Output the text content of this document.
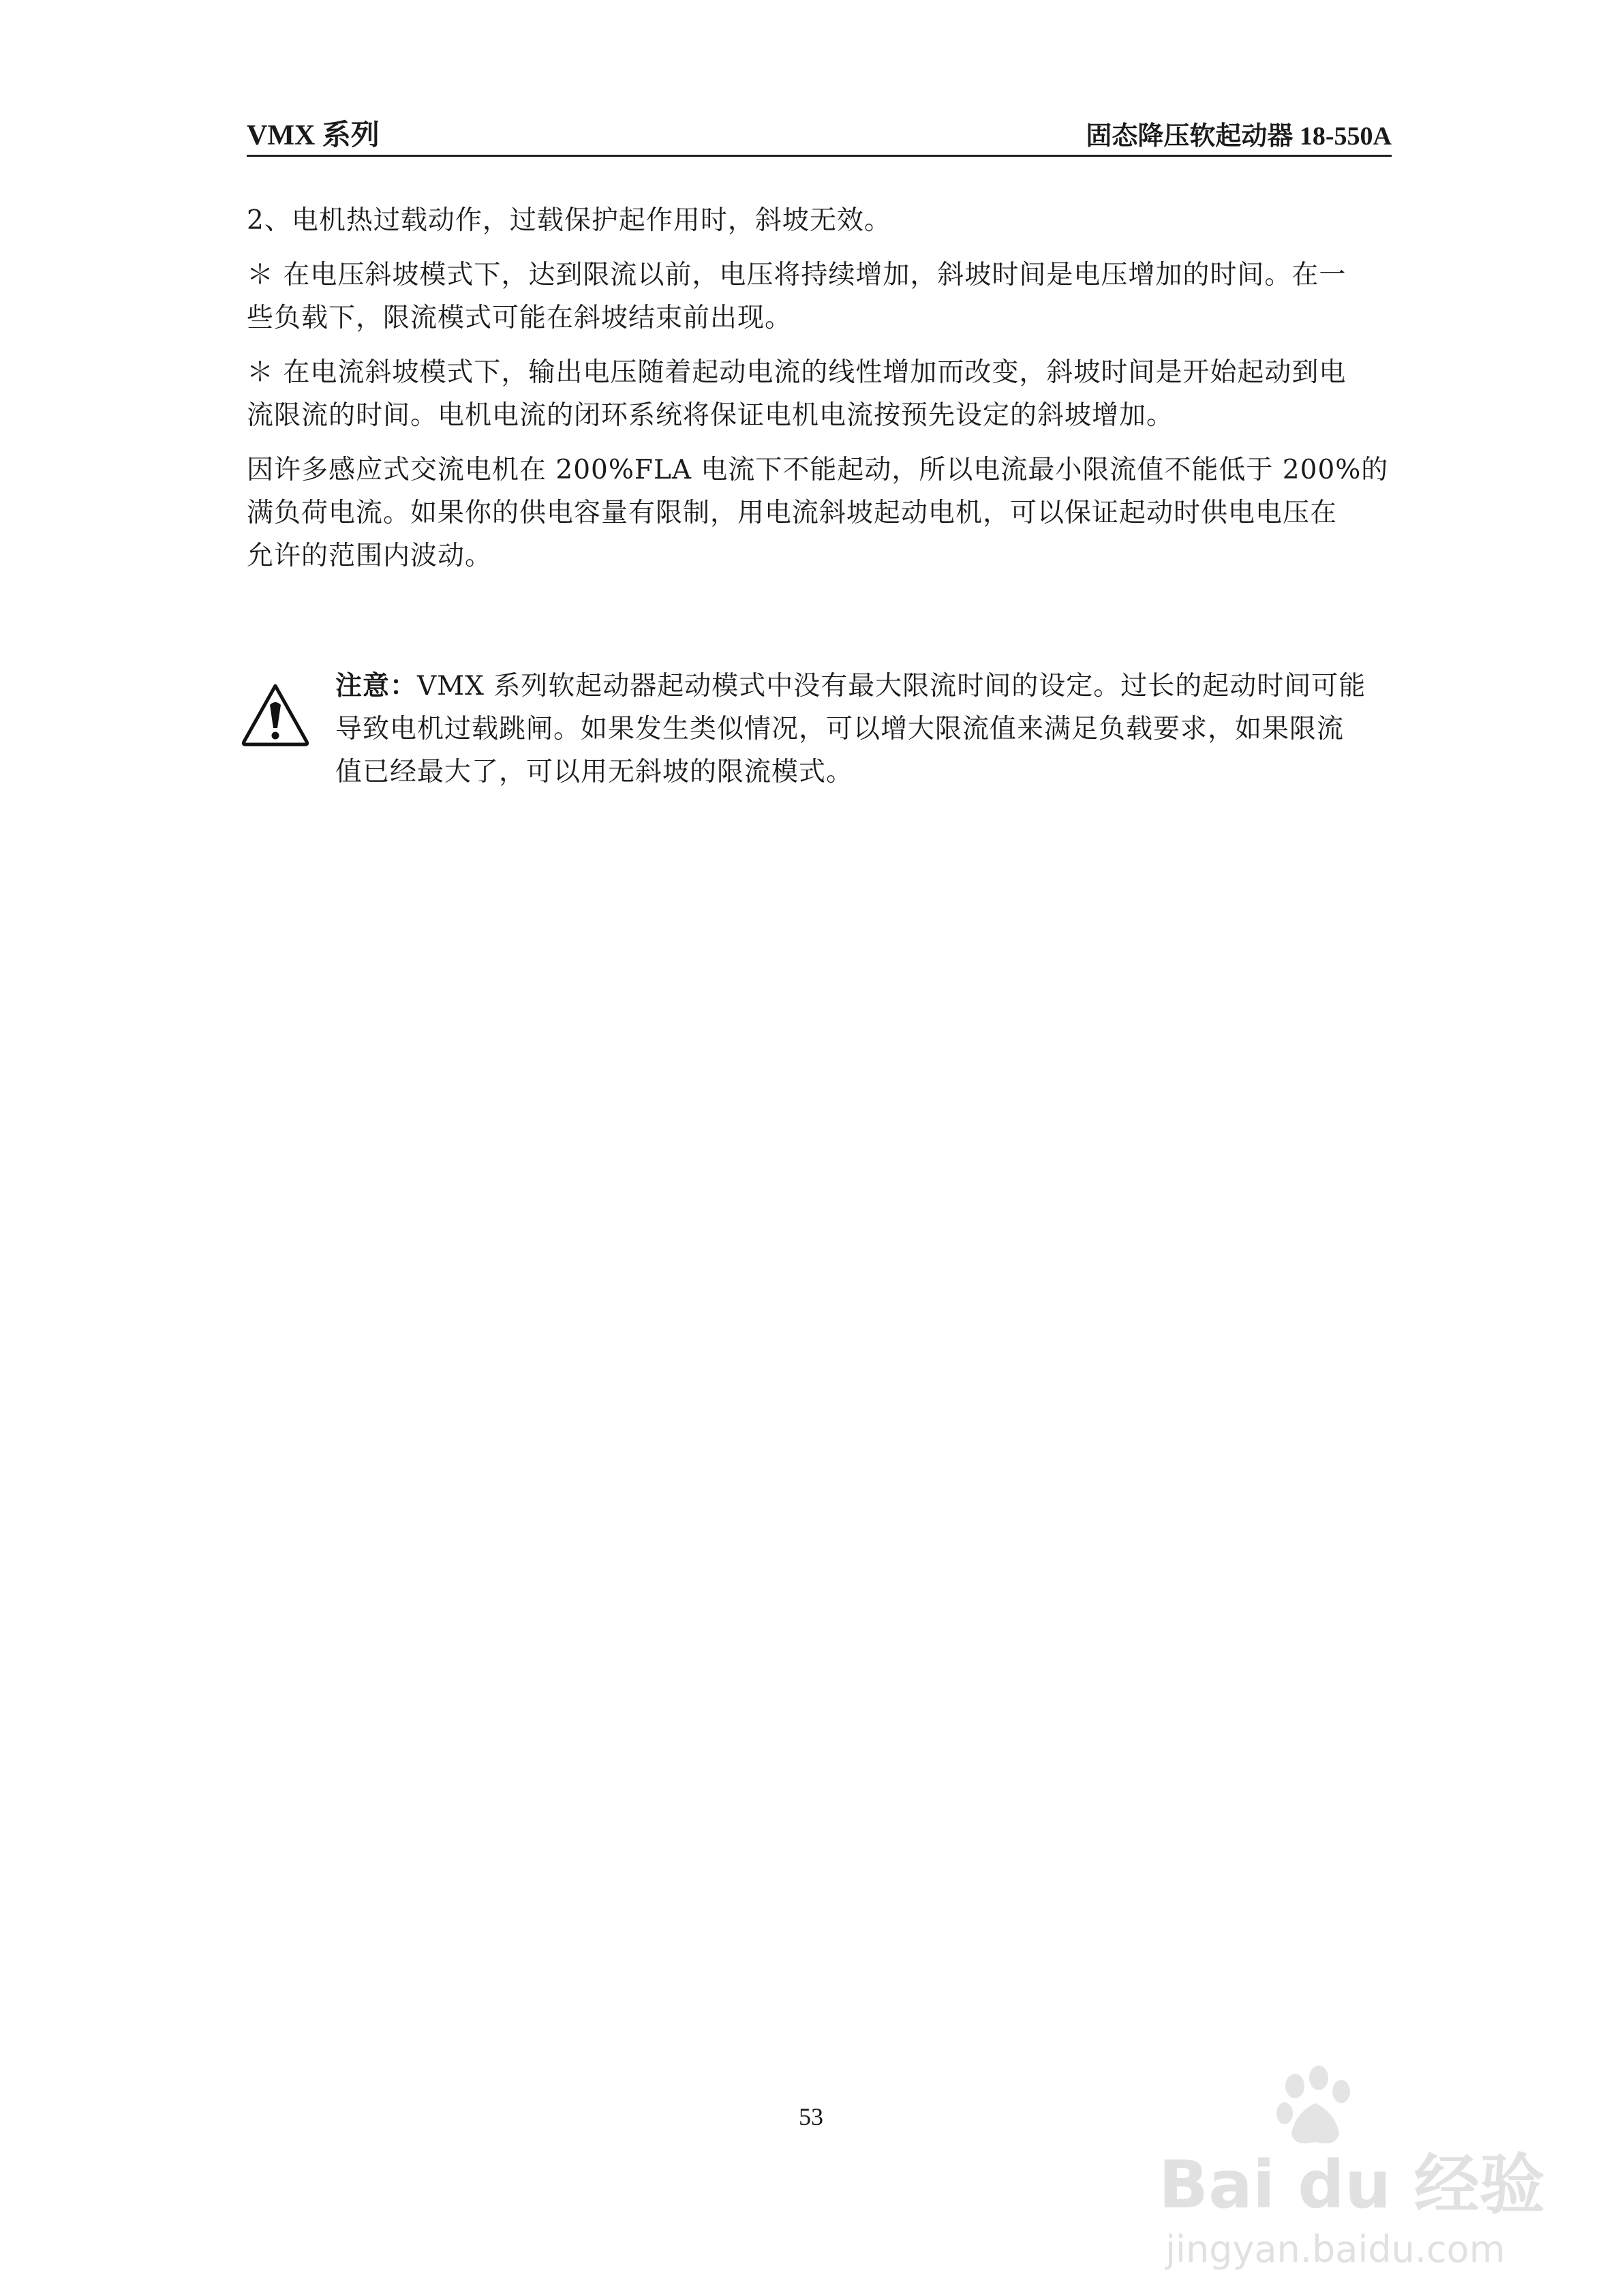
VMX 系列	固态降压软起动器 18-550A

2、电机热过载动作，过载保护起作用时，斜坡无效。

＊ 在电压斜坡模式下，达到限流以前，电压将持续增加，斜坡时间是电压增加的时间。在一
些负载下，限流模式可能在斜坡结束前出现。

＊ 在电流斜坡模式下，输出电压随着起动电流的线性增加而改变，斜坡时间是开始起动到电
流限流的时间。电机电流的闭环系统将保证电机电流按预先设定的斜坡增加。

因许多感应式交流电机在 200%FLA 电流下不能起动，所以电流最小限流值不能低于 200%的
满负荷电流。如果你的供电容量有限制，用电流斜坡起动电机，可以保证起动时供电电压在
允许的范围内波动。

注意：VMX 系列软起动器起动模式中没有最大限流时间的设定。过长的起动时间可能
导致电机过载跳闸。如果发生类似情况，可以增大限流值来满足负载要求，如果限流
值已经最大了，可以用无斜坡的限流模式。
53
Bai du 经验
jingyan.baidu.com
